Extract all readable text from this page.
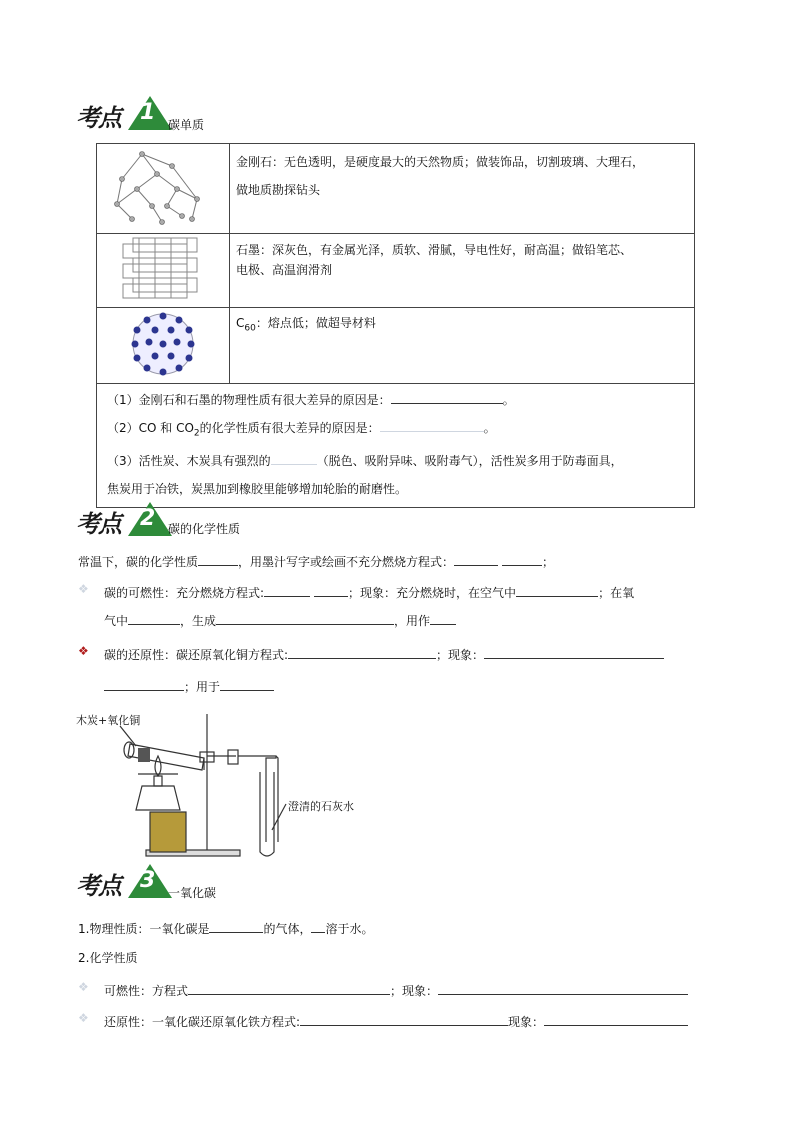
考点 1 碳单质

金刚石：无色透明，是硬度最大的天然物质；做装饰品，切割玻璃、大理石，
做地质勘探钻头

石墨：深灰色，有金属光泽，质软、滑腻，导电性好，耐高温；做铅笔芯、
电极、高温润滑剂

$C_{60}$：熔点低；做超导材料

（1）金刚石和石墨的物理性质有很大差异的原因是： 。
（2）CO 和 $CO_2$的化学性质有很大差异的原因是： 。
（3）活性炭、木炭具有强烈的 （脱色、吸附异味、吸附毒气），活性炭多用于防毒面具，
焦炭用于冶铁，炭黑加到橡胶里能够增加轮胎的耐磨性。	
考点 2 碳的化学性质
常温下，碳的化学性质	，用墨汁写字或绘画不充分燃烧方程式：	；
❖ 碳的可燃性：充分燃烧方程式:	；现象：充分燃烧时，在空气中	；在氧
气中	，生成	，用作
❖ 碳的还原性：碳还原氧化铜方程式:	；现象：
；用于
木炭+氧化铜
澄清的石灰水
考点 3 一氧化碳
1.物理性质：一氧化碳是	的气体， 溶于水。
2.化学性质
❖ 可燃性：方程式	；现象：
❖ 还原性：一氧化碳还原氧化铁方程式:	现象：
